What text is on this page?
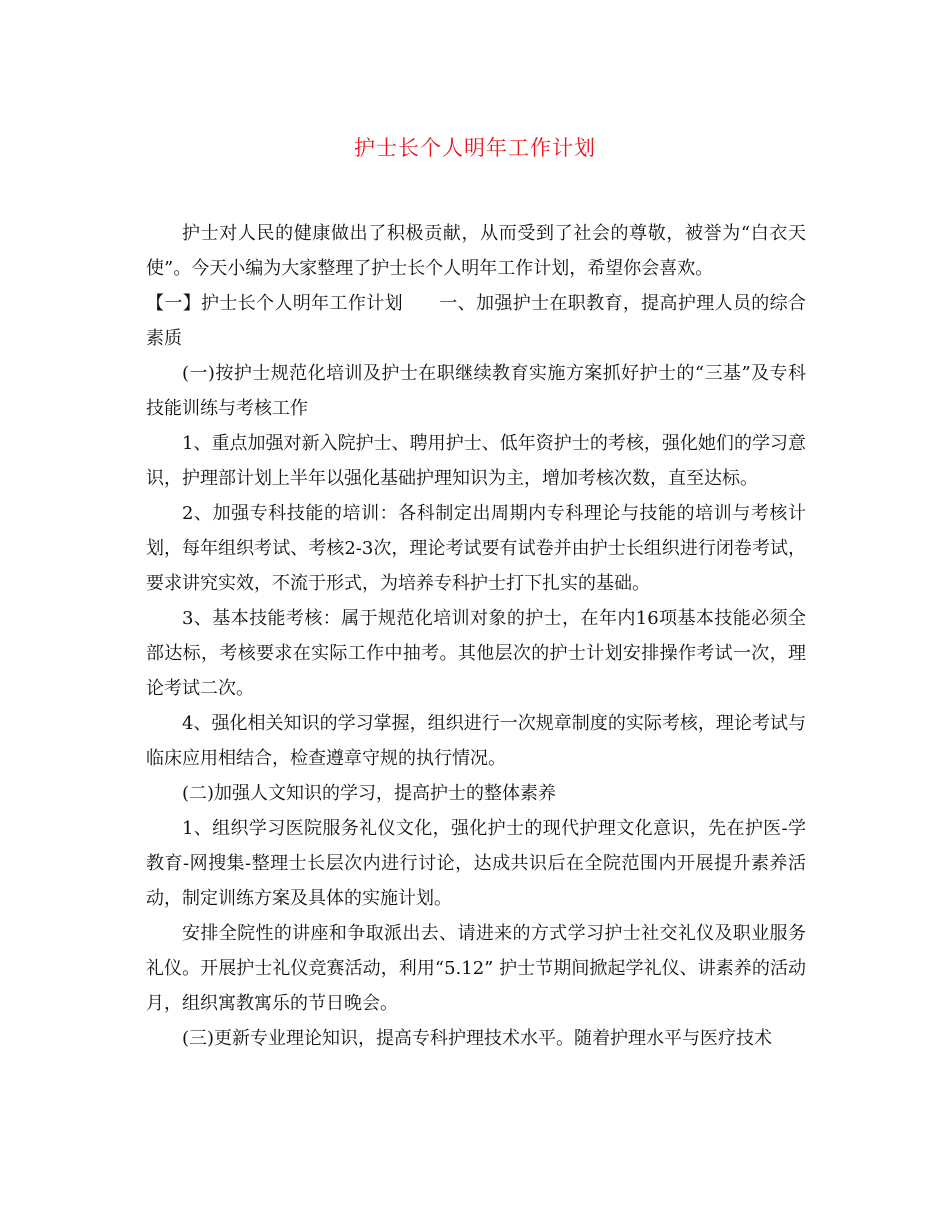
护士长个人明年工作计划

护士对人民的健康做出了积极贡献，从而受到了社会的尊敬，被誉为“白衣天使”。今天小编为大家整理了护士长个人明年工作计划，希望你会喜欢。

【一】护士长个人明年工作计划 一、加强护士在职教育，提高护理人员的综合素质

(一)按护士规范化培训及护士在职继续教育实施方案抓好护士的“三基”及专科技能训练与考核工作

1、重点加强对新入院护士、聘用护士、低年资护士的考核，强化她们的学习意识，护理部计划上半年以强化基础护理知识为主，增加考核次数，直至达标。

2、加强专科技能的培训：各科制定出周期内专科理论与技能的培训与考核计划，每年组织考试、考核2-3次，理论考试要有试卷并由护士长组织进行闭卷考试，要求讲究实效，不流于形式，为培养专科护士打下扎实的基础。

3、基本技能考核：属于规范化培训对象的护士，在年内16项基本技能必须全部达标，考核要求在实际工作中抽考。其他层次的护士计划安排操作考试一次，理论考试二次。

4、强化相关知识的学习掌握，组织进行一次规章制度的实际考核，理论考试与临床应用相结合，检查遵章守规的执行情况。

(二)加强人文知识的学习，提高护士的整体素养

1、组织学习医院服务礼仪文化，强化护士的现代护理文化意识，先在护医-学教育-网搜集-整理士长层次内进行讨论，达成共识后在全院范围内开展提升素养活动，制定训练方案及具体的实施计划。

安排全院性的讲座和争取派出去、请进来的方式学习护士社交礼仪及职业服务礼仪。开展护士礼仪竞赛活动，利用“5.12” 护士节期间掀起学礼仪、讲素养的活动月，组织寓教寓乐的节日晚会。

(三)更新专业理论知识，提高专科护理技术水平。随着护理水平与医疗技术
